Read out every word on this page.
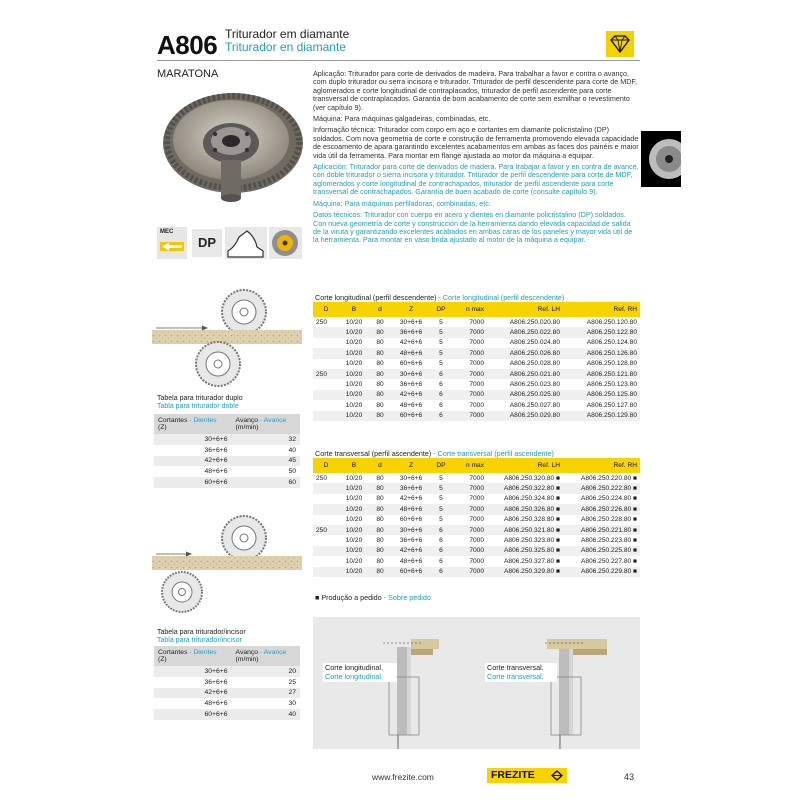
A806 Triturador em diamante
Triturador en diamante
MARATONA
MEC
DP

Aplicação: Triturador para corte de derivados de madeira. Para trabalhar a favor e contra o avanço, com duplo triturador ou serra incisora e triturador. Triturador de perfil descendente para corte de MDF, aglomerados e corte longitudinal de contraplacados, triturador de perfil ascendente para corte transversal de contraplacados. Garantia de bom acabamento de corte sem esmilhar o revestimento (ver capítulo 9).

Máquina: Para máquinas galgadeiras, combinadas, etc.

Informação técnica: Triturador com corpo em aço e cortantes em diamante policristalino (DP) soldados. Com nova geometria de corte e construção de ferramenta promovendo elevada capacidade de escoamento de apara garantindo excelentes acabamentos em ambas as faces dos painéis e maior vida útil da ferramenta. Para montar em flange ajustada ao motor da máquina a equipar.

Aplicación: Triturador para corte de derivados de madera. Para trabajar a favor y en contra de avance, con doble triturador o sierra incisora y triturador. Triturador de perfil descendente para corte de MDF, aglomerados y corte longitudinal de contrachapados, triturador de perfil ascendente para corte transversal de contrachapados. Garantía de buen acabado de corte (consulte capítulo 9).

Máquina: Para máquinas perfiladoras, combinadas, etc.

Datos técnicos: Triturador con cuerpo en acero y dientes en diamante policristalino (DP) soldados. Con nueva geometría de corte y construcción de la herramienta dando elevada capacidad de salida de la viruta y garantizando excelentes acabados en ambas caras de los paneles y mayor vida útil de la herramienta. Para montar en vaso brida ajustado al motor de la máquina a equipar.

Tabela para triturador duplo
Tabla para triturador doble
Cortantes - Dientes
(Z)	Avanço - Avance
(m/min)
30+6+6	32
36+6+6	40
42+6+6	45
48+6+6	50
60+6+6	60
Tabela para triturador/incisor
Tabla para triturador/incisor
Cortantes - Dientes
(Z)	Avanço - Avance
(m/min)
30+6+6	20
36+6+6	25
42+6+6	27
48+6+6	30
60+6+6	40
Corte longitudinal (perfil descendente) - Corte longitudinal (perfil descendente)
D	B	d	Z	DP	n max	Ref. LH	Ref. RH
250	10/20	80	30+6+6	5	7000	A806.250.020.80	A806.250.120.80
	10/20	80	36+6+6	5	7000	A806.250.022.80	A806.250.122.80
	10/20	80	42+6+6	5	7000	A806.250.024.80	A806.250.124.80
	10/20	80	48+6+6	5	7000	A806.250.026.80	A806.250.126.80
	10/20	80	60+6+6	5	7000	A806.250.028.80	A806.250.128.80
250	10/20	80	30+6+6	6	7000	A806.250.021.80	A806.250.121.80
	10/20	80	36+6+6	6	7000	A806.250.023.80	A806.250.123.80
	10/20	80	42+6+6	6	7000	A806.250.025.80	A806.250.125.80
	10/20	80	48+6+6	6	7000	A806.250.027.80	A806.250.127.80
	10/20	80	60+6+6	6	7000	A806.250.029.80	A806.250.129.80
Corte transversal (perfil ascendente) - Corte transversal (perfil ascendente)
D	B	d	Z	DP	n max	Ref. LH	Ref. RH
250	10/20	80	30+6+6	5	7000	A806.250.320.80 ■	A806.250.220.80 ■
	10/20	80	36+6+6	5	7000	A806.250.322.80 ■	A806.250.222.80 ■
	10/20	80	42+6+6	5	7000	A806.250.324.80 ■	A806.250.224.80 ■
	10/20	80	48+6+6	5	7000	A806.250.326.80 ■	A806.250.226.80 ■
	10/20	80	60+6+6	5	7000	A806.250.328.80 ■	A806.250.228.80 ■
250	10/20	80	30+6+6	6	7000	A806.250.321.80 ■	A806.250.221.80 ■
	10/20	80	36+6+6	6	7000	A806.250.323.80 ■	A806.250.223.80 ■
	10/20	80	42+6+6	6	7000	A806.250.325.80 ■	A806.250.225.80 ■
	10/20	80	48+6+6	6	7000	A806.250.327.80 ■	A806.250.227.80 ■
	10/20	80	60+6+6	6	7000	A806.250.329.80 ■	A806.250.229.80 ■
■ Produção a pedido - Sobre pedido
Corte longitudinal.
Corte longitudinal.
Corte transversal.
Corte transversal.
www.frezite.com	FREZITE	43
